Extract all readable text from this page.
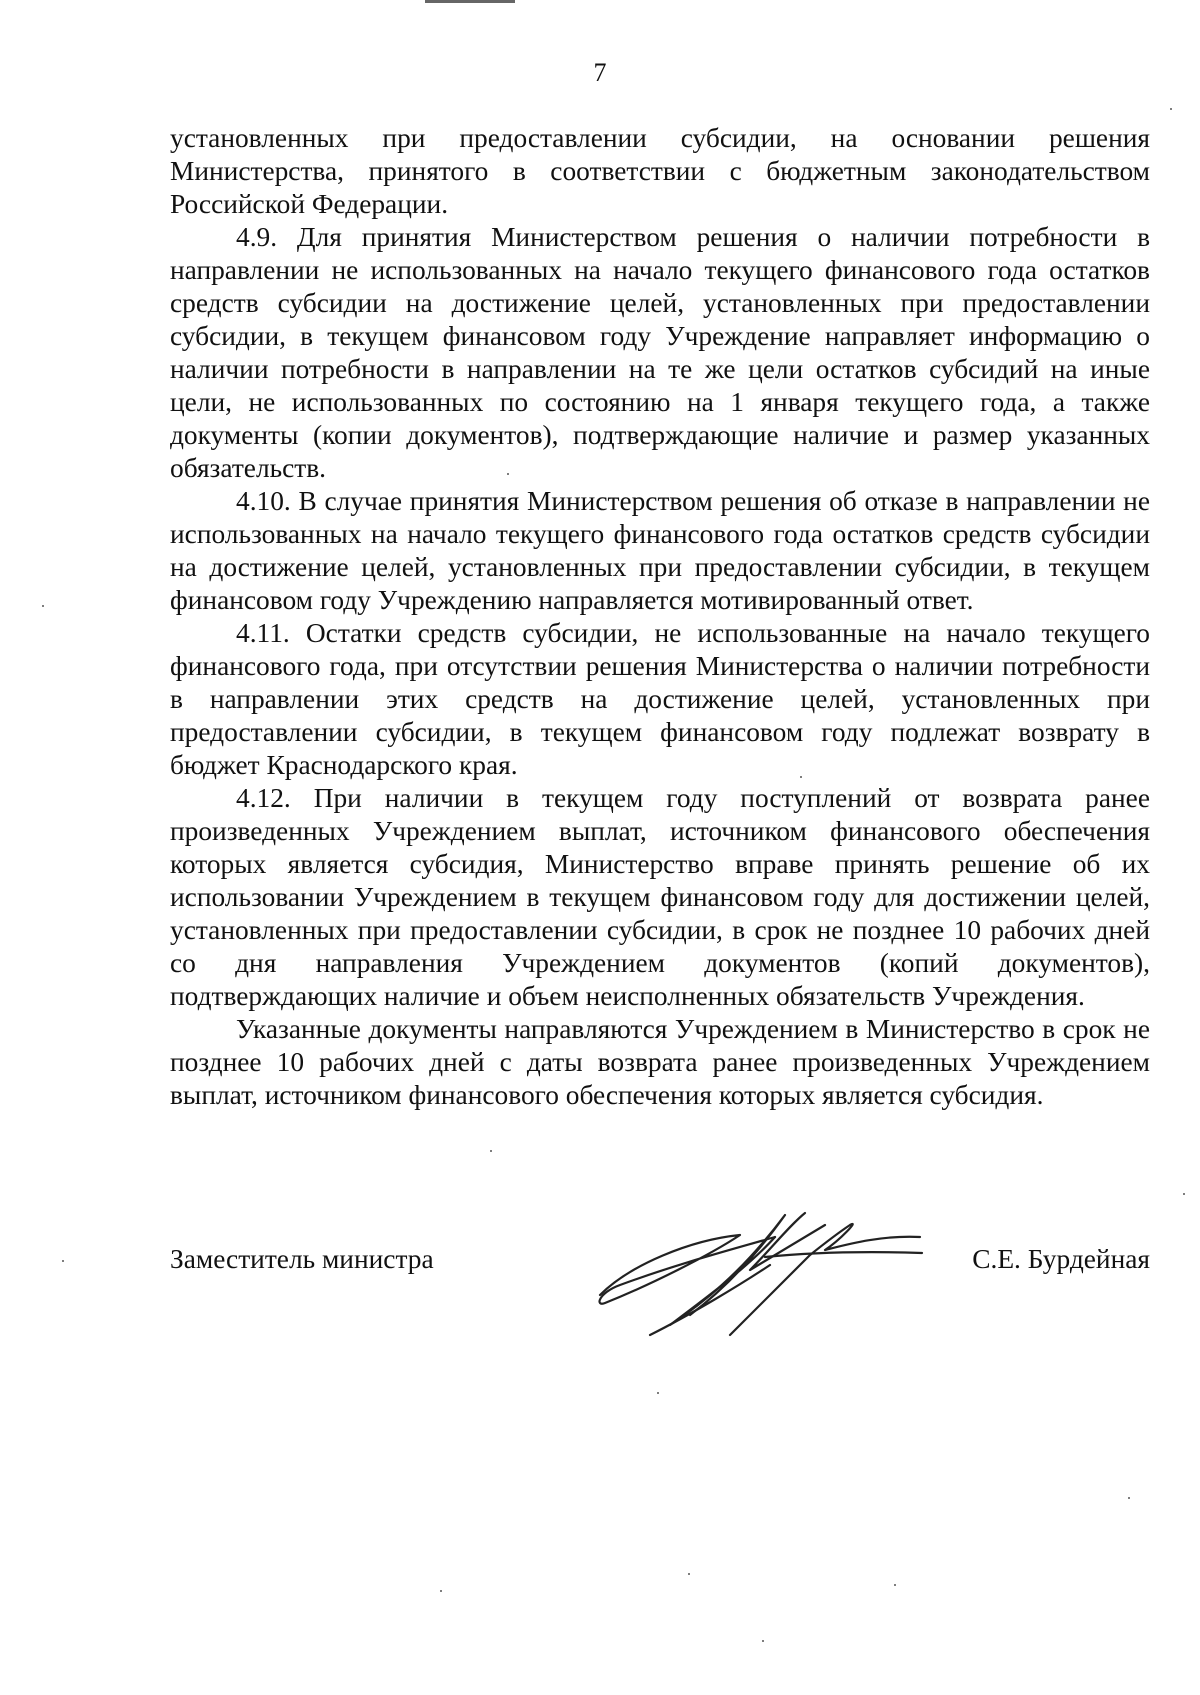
7

установленных при предоставлении субсидии, на основании решения Министерства, принятого в соответствии с бюджетным законодательством Российской Федерации.

4.9. Для принятия Министерством решения о наличии потребности в направлении не использованных на начало текущего финансового года остатков средств субсидии на достижение целей, установленных при предоставлении субсидии, в текущем финансовом году Учреждение направляет информацию о наличии потребности в направлении на те же цели остатков субсидий на иные цели, не использованных по состоянию на 1 января текущего года, а также документы (копии документов), подтверждающие наличие и размер указанных обязательств.

4.10. В случае принятия Министерством решения об отказе в направлении не использованных на начало текущего финансового года остатков средств субсидии на достижение целей, установленных при предоставлении субсидии, в текущем финансовом году Учреждению направляется мотивированный ответ.

4.11. Остатки средств субсидии, не использованные на начало текущего финансового года, при отсутствии решения Министерства о наличии потребности в направлении этих средств на достижение целей, установленных при предоставлении субсидии, в текущем финансовом году подлежат возврату в бюджет Краснодарского края.

4.12. При наличии в текущем году поступлений от возврата ранее произведенных Учреждением выплат, источником финансового обеспечения которых является субсидия, Министерство вправе принять решение об их использовании Учреждением в текущем финансовом году для достижении целей, установленных при предоставлении субсидии, в срок не позднее 10 рабочих дней со дня направления Учреждением документов (копий документов), подтверждающих наличие и объем неисполненных обязательств Учреждения.

Указанные документы направляются Учреждением в Министерство в срок не позднее 10 рабочих дней с даты возврата ранее произведенных Учреждением выплат, источником финансового обеспечения которых является субсидия.

Заместитель министра	С.Е. Бурдейная
